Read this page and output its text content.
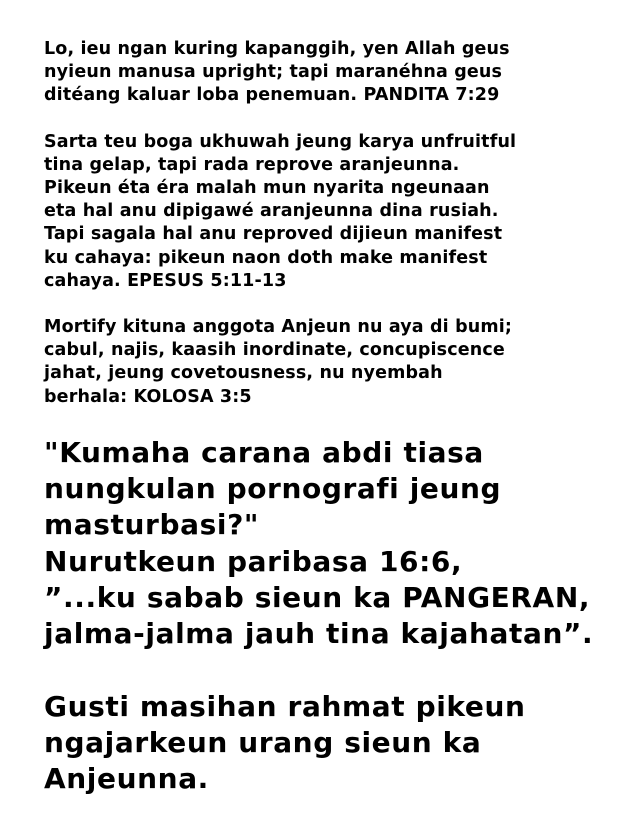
Lo, ieu ngan kuring kapanggih, yen Allah geus
nyieun manusa upright; tapi maranéhna geus
ditéang kaluar loba penemuan. PANDITA 7:29

Sarta teu boga ukhuwah jeung karya unfruitful
tina gelap, tapi rada reprove aranjeunna.
Pikeun éta éra malah mun nyarita ngeunaan
eta hal anu dipigawé aranjeunna dina rusiah.
Tapi sagala hal anu reproved dijieun manifest
ku cahaya: pikeun naon doth make manifest
cahaya. EPESUS 5:11-13

Mortify kituna anggota Anjeun nu aya di bumi;
cabul, najis, kaasih inordinate, concupiscence
jahat, jeung covetousness, nu nyembah
berhala: KOLOSA 3:5

"Kumaha carana abdi tiasa
nungkulan pornografi jeung
masturbasi?"
Nurutkeun paribasa 16:6,
”...ku sabab sieun ka PANGERAN,
jalma-jalma jauh tina kajahatan”.

Gusti masihan rahmat pikeun
ngajarkeun urang sieun ka
Anjeunna.
